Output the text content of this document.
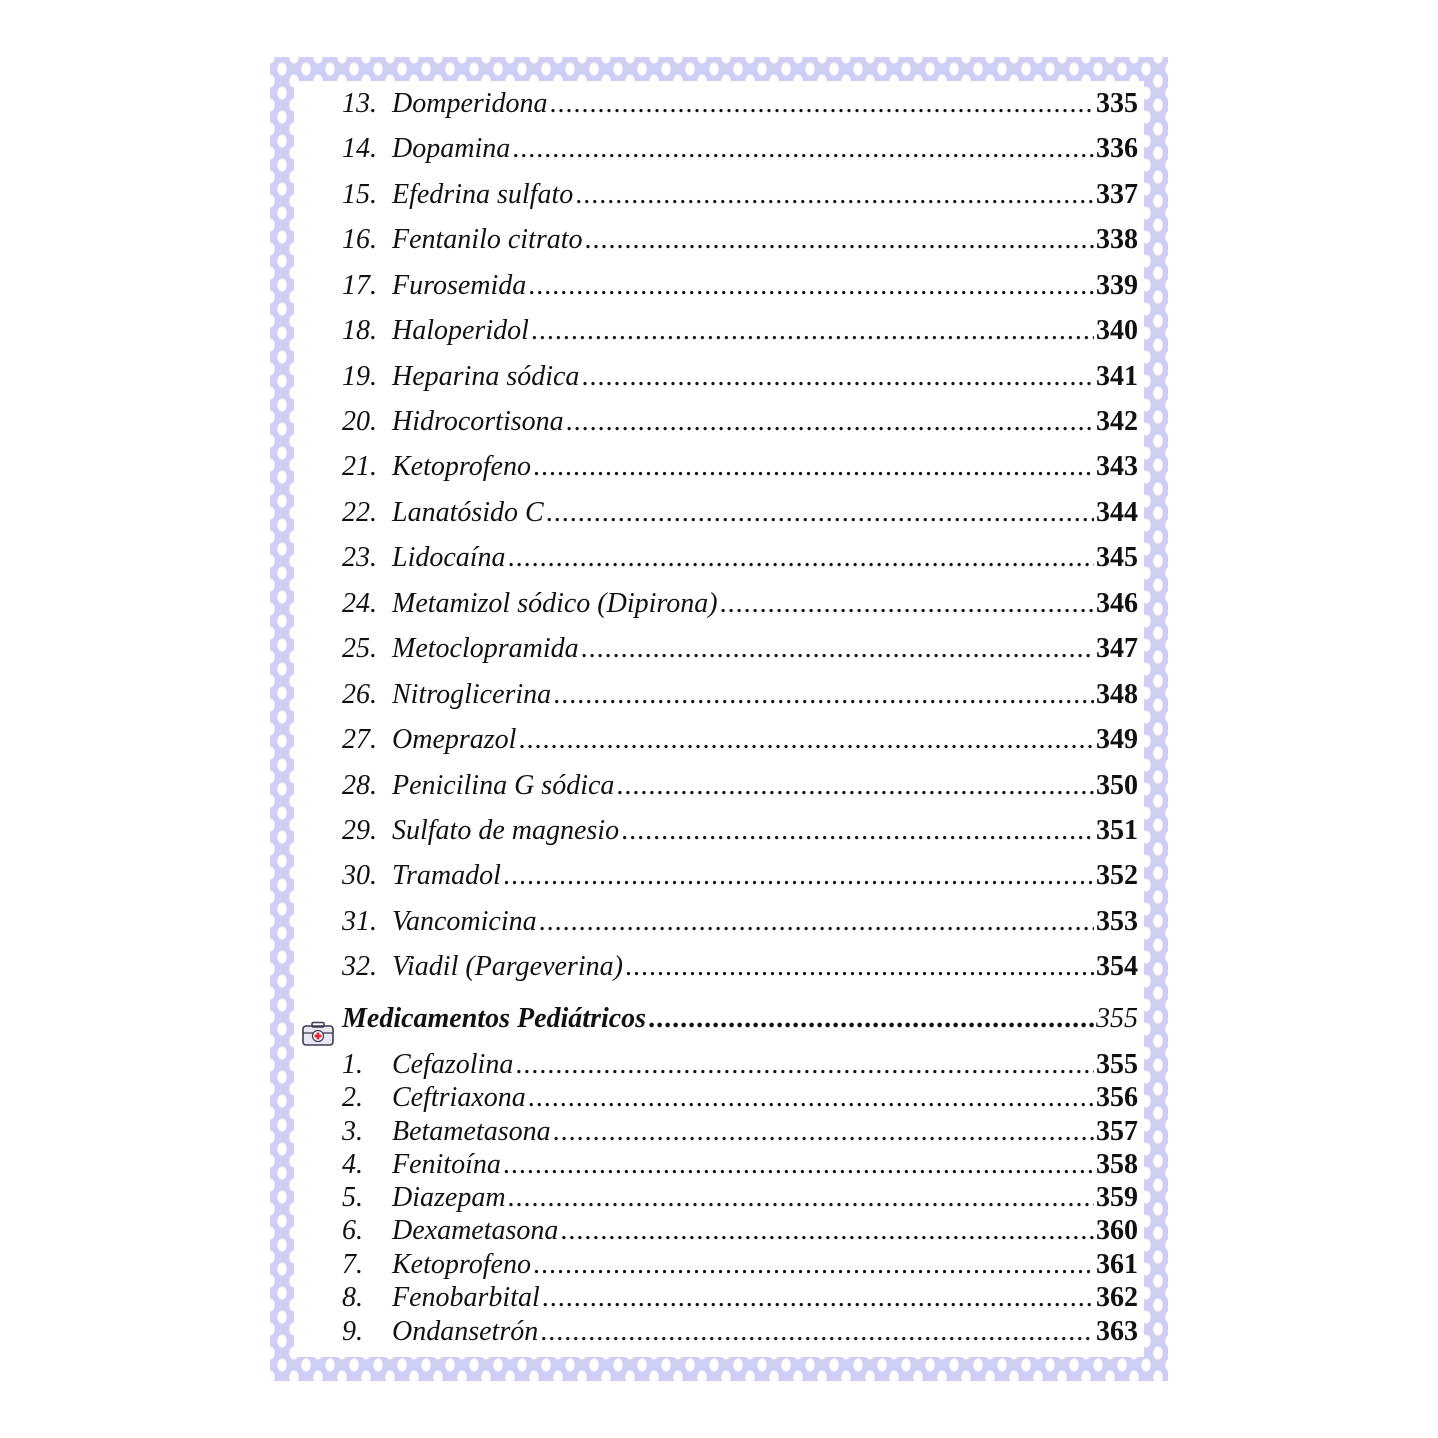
13. Domperidona .....	335
14. Dopamina .....	336
15. Efedrina sulfato .....	337
16. Fentanilo citrato .....	338
17. Furosemida .....	339
18. Haloperidol .....	340
19. Heparina sódica .....	341
20. Hidrocortisona .....	342
21. Ketoprofeno .....	343
22. Lanatósido C .....	344
23. Lidocaína .....	345
24. Metamizol sódico (Dipirona) .....	346
25. Metoclopramida .....	347
26. Nitroglicerina .....	348
27. Omeprazol .....	349
28. Penicilina G sódica .....	350
29. Sulfato de magnesio .....	351
30. Tramadol .....	352
31. Vancomicina .....	353
32. Viadil (Pargeverina) .....	354
Medicamentos Pediátricos .....	355
1. Cefazolina .....	355
2. Ceftriaxona .....	356
3. Betametasona .....	357
4. Fenitoína .....	358
5. Diazepam .....	359
6. Dexametasona .....	360
7. Ketoprofeno .....	361
8. Fenobarbital .....	362
9. Ondansetrón .....	363
